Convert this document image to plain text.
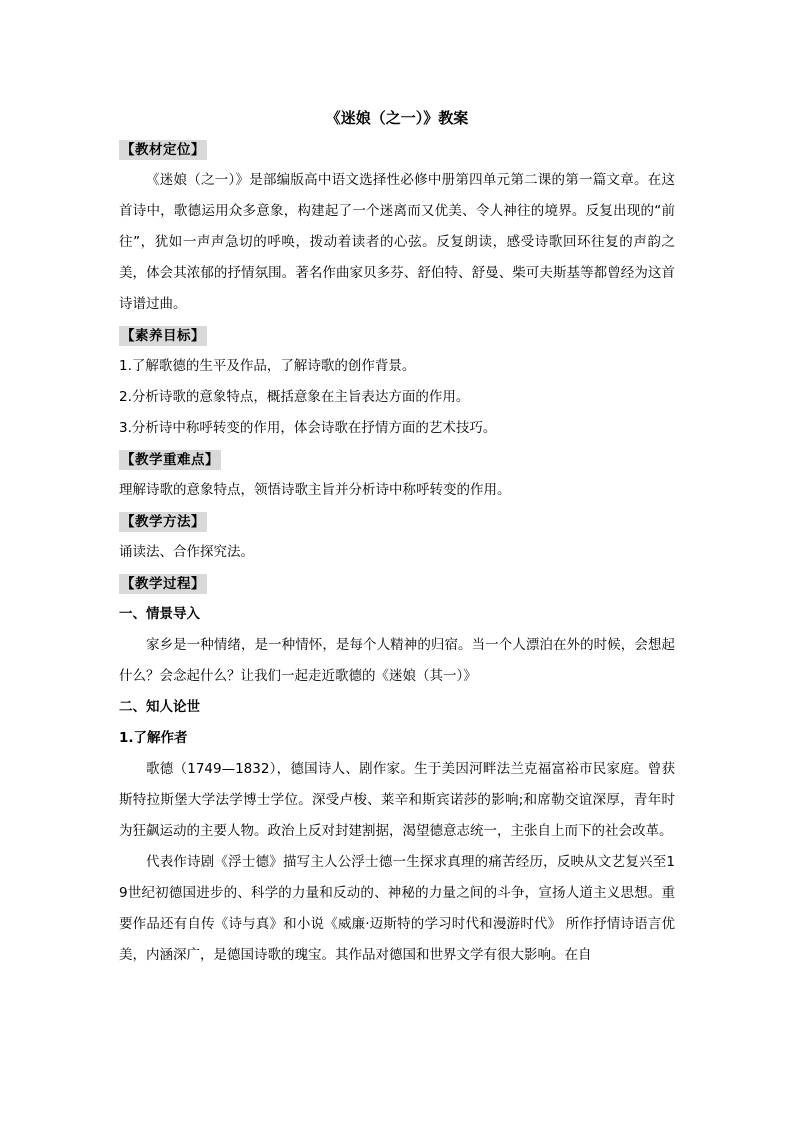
《迷娘（之一）》教案
【教材定位】

《迷娘（之一）》是部编版高中语文选择性必修中册第四单元第二课的第一篇文章。在这首诗中，歌德运用众多意象，构建起了一个迷离而又优美、令人神往的境界。反复出现的“前往”，犹如一声声急切的呼唤，拨动着读者的心弦。反复朗读，感受诗歌回环往复的声韵之美，体会其浓郁的抒情氛围。著名作曲家贝多芬、舒伯特、舒曼、柴可夫斯基等都曾经为这首诗谱过曲。

【素养目标】

1.了解歌德的生平及作品，了解诗歌的创作背景。

2.分析诗歌的意象特点，概括意象在主旨表达方面的作用。

3.分析诗中称呼转变的作用，体会诗歌在抒情方面的艺术技巧。

【教学重难点】

理解诗歌的意象特点，领悟诗歌主旨并分析诗中称呼转变的作用。

【教学方法】

诵读法、合作探究法。

【教学过程】
一、情景导入

家乡是一种情绪，是一种情怀，是每个人精神的归宿。当一个人漂泊在外的时候，会想起什么？会念起什么？让我们一起走近歌德的《迷娘（其一）》

二、知人论世
1.了解作者

歌德（1749—1832），德国诗人、剧作家。生于美因河畔法兰克福富裕市民家庭。曾获斯特拉斯堡大学法学博士学位。深受卢梭、莱辛和斯宾诺莎的影响;和席勒交谊深厚，青年时为狂飙运动的主要人物。政治上反对封建割据，渴望德意志统一，主张自上而下的社会改革。

代表作诗剧《浮士德》描写主人公浮士德一生探求真理的痛苦经历，反映从文艺复兴至19世纪初德国进步的、科学的力量和反动的、神秘的力量之间的斗争，宣扬人道主义思想。重要作品还有自传《诗与真》和小说《威廉·迈斯特的学习时代和漫游时代》 所作抒情诗语言优美，内涵深广，是德国诗歌的瑰宝。其作品对德国和世界文学有很大影响。在自
